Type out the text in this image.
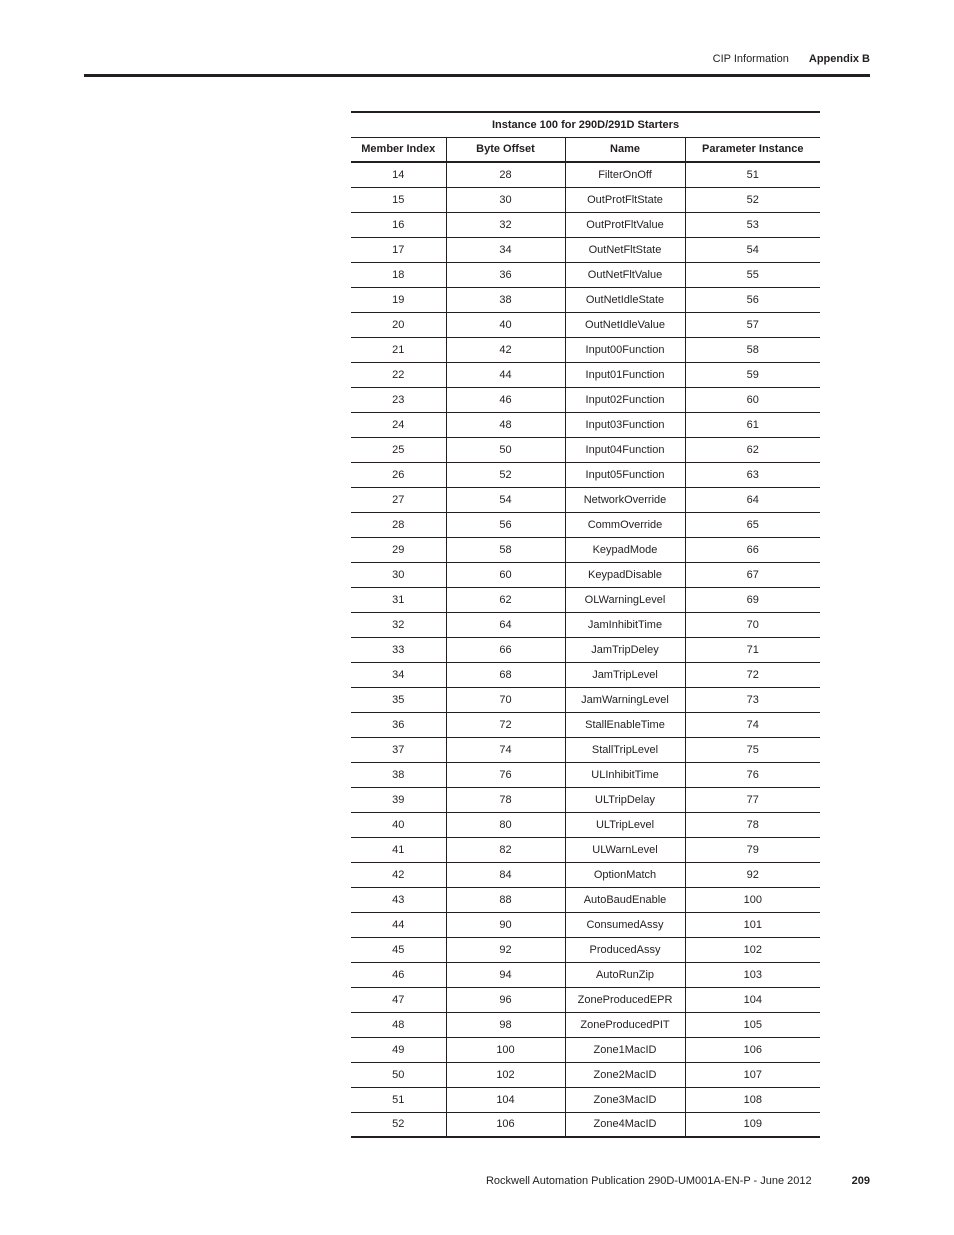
CIP Information Appendix B
Instance 100 for 290D/291D Starters			
Member Index	Byte Offset	Name	Parameter Instance
14	28	FilterOnOff	51
15	30	OutProtFltState	52
16	32	OutProtFltValue	53
17	34	OutNetFltState	54
18	36	OutNetFltValue	55
19	38	OutNetIdleState	56
20	40	OutNetIdleValue	57
21	42	Input00Function	58
22	44	Input01Function	59
23	46	Input02Function	60
24	48	Input03Function	61
25	50	Input04Function	62
26	52	Input05Function	63
27	54	NetworkOverride	64
28	56	CommOverride	65
29	58	KeypadMode	66
30	60	KeypadDisable	67
31	62	OLWarningLevel	69
32	64	JamInhibitTime	70
33	66	JamTripDeley	71
34	68	JamTripLevel	72
35	70	JamWarningLevel	73
36	72	StallEnableTime	74
37	74	StallTripLevel	75
38	76	ULInhibitTime	76
39	78	ULTripDelay	77
40	80	ULTripLevel	78
41	82	ULWarnLevel	79
42	84	OptionMatch	92
43	88	AutoBaudEnable	100
44	90	ConsumedAssy	101
45	92	ProducedAssy	102
46	94	AutoRunZip	103
47	96	ZoneProducedEPR	104
48	98	ZoneProducedPIT	105
49	100	Zone1MacID	106
50	102	Zone2MacID	107
51	104	Zone3MacID	108
52	106	Zone4MacID	109
Rockwell Automation Publication 290D-UM001A-EN-P - June 2012	209
